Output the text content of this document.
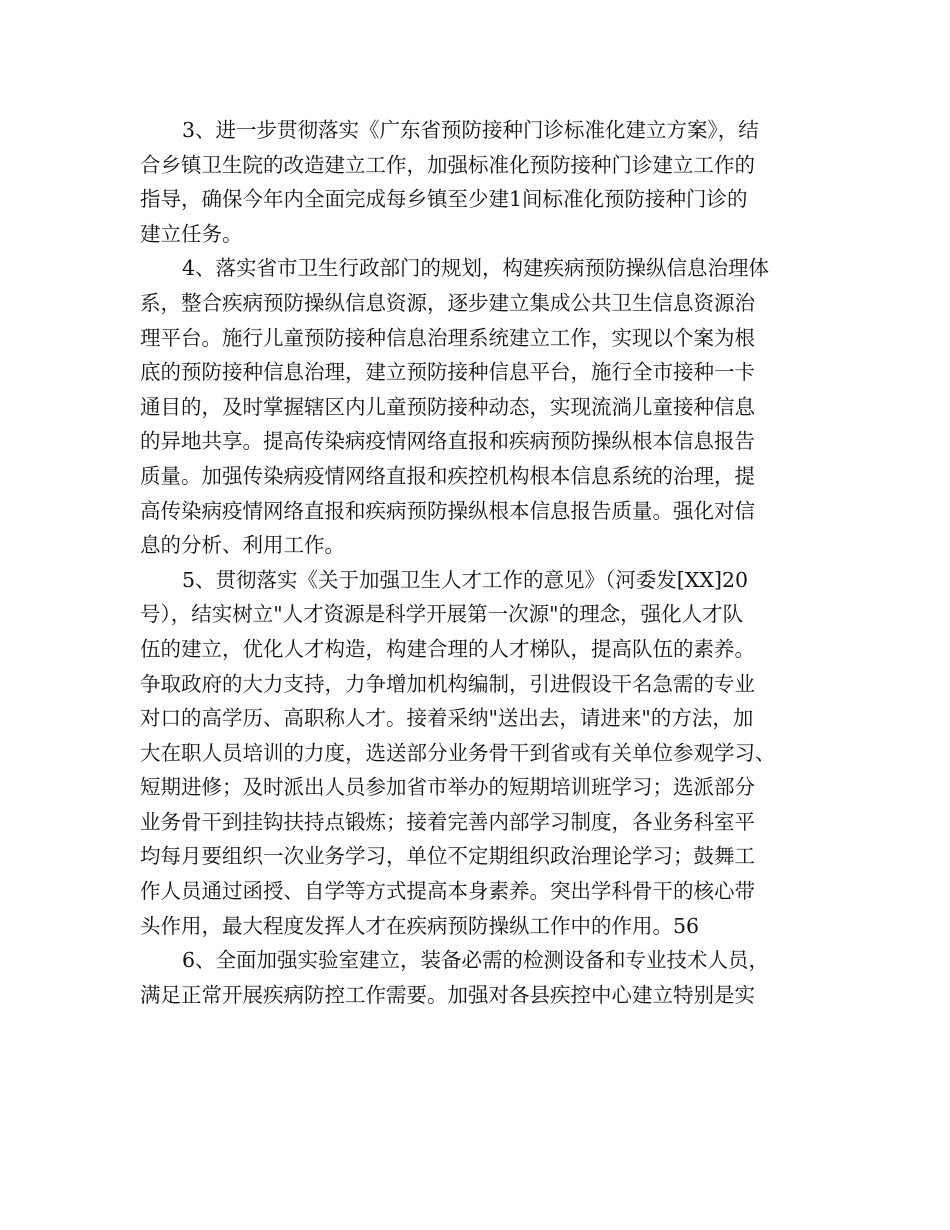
3、进一步贯彻落实《广东省预防接种门诊标准化建立方案》，结
合乡镇卫生院的改造建立工作，加强标准化预防接种门诊建立工作的
指导，确保今年内全面完成每乡镇至少建1间标准化预防接种门诊的
建立任务。
4、落实省市卫生行政部门的规划，构建疾病预防操纵信息治理体
系，整合疾病预防操纵信息资源，逐步建立集成公共卫生信息资源治
理平台。施行儿童预防接种信息治理系统建立工作，实现以个案为根
底的预防接种信息治理，建立预防接种信息平台，施行全市接种一卡
通目的，及时掌握辖区内儿童预防接种动态，实现流淌儿童接种信息
的异地共享。提高传染病疫情网络直报和疾病预防操纵根本信息报告
质量。加强传染病疫情网络直报和疾控机构根本信息系统的治理，提
高传染病疫情网络直报和疾病预防操纵根本信息报告质量。强化对信
息的分析、利用工作。
5、贯彻落实《关于加强卫生人才工作的意见》（河委发[XX]20
号），结实树立"人才资源是科学开展第一次源"的理念，强化人才队
伍的建立，优化人才构造，构建合理的人才梯队，提高队伍的素养。
争取政府的大力支持，力争增加机构编制，引进假设干名急需的专业
对口的高学历、高职称人才。接着采纳"送出去，请进来"的方法，加
大在职人员培训的力度，选送部分业务骨干到省或有关单位参观学习、
短期进修；及时派出人员参加省市举办的短期培训班学习；选派部分
业务骨干到挂钩扶持点锻炼；接着完善内部学习制度，各业务科室平
均每月要组织一次业务学习，单位不定期组织政治理论学习；鼓舞工
作人员通过函授、自学等方式提高本身素养。突出学科骨干的核心带
头作用，最大程度发挥人才在疾病预防操纵工作中的作用。56
6、全面加强实验室建立，装备必需的检测设备和专业技术人员，
满足正常开展疾病防控工作需要。加强对各县疾控中心建立特别是实
